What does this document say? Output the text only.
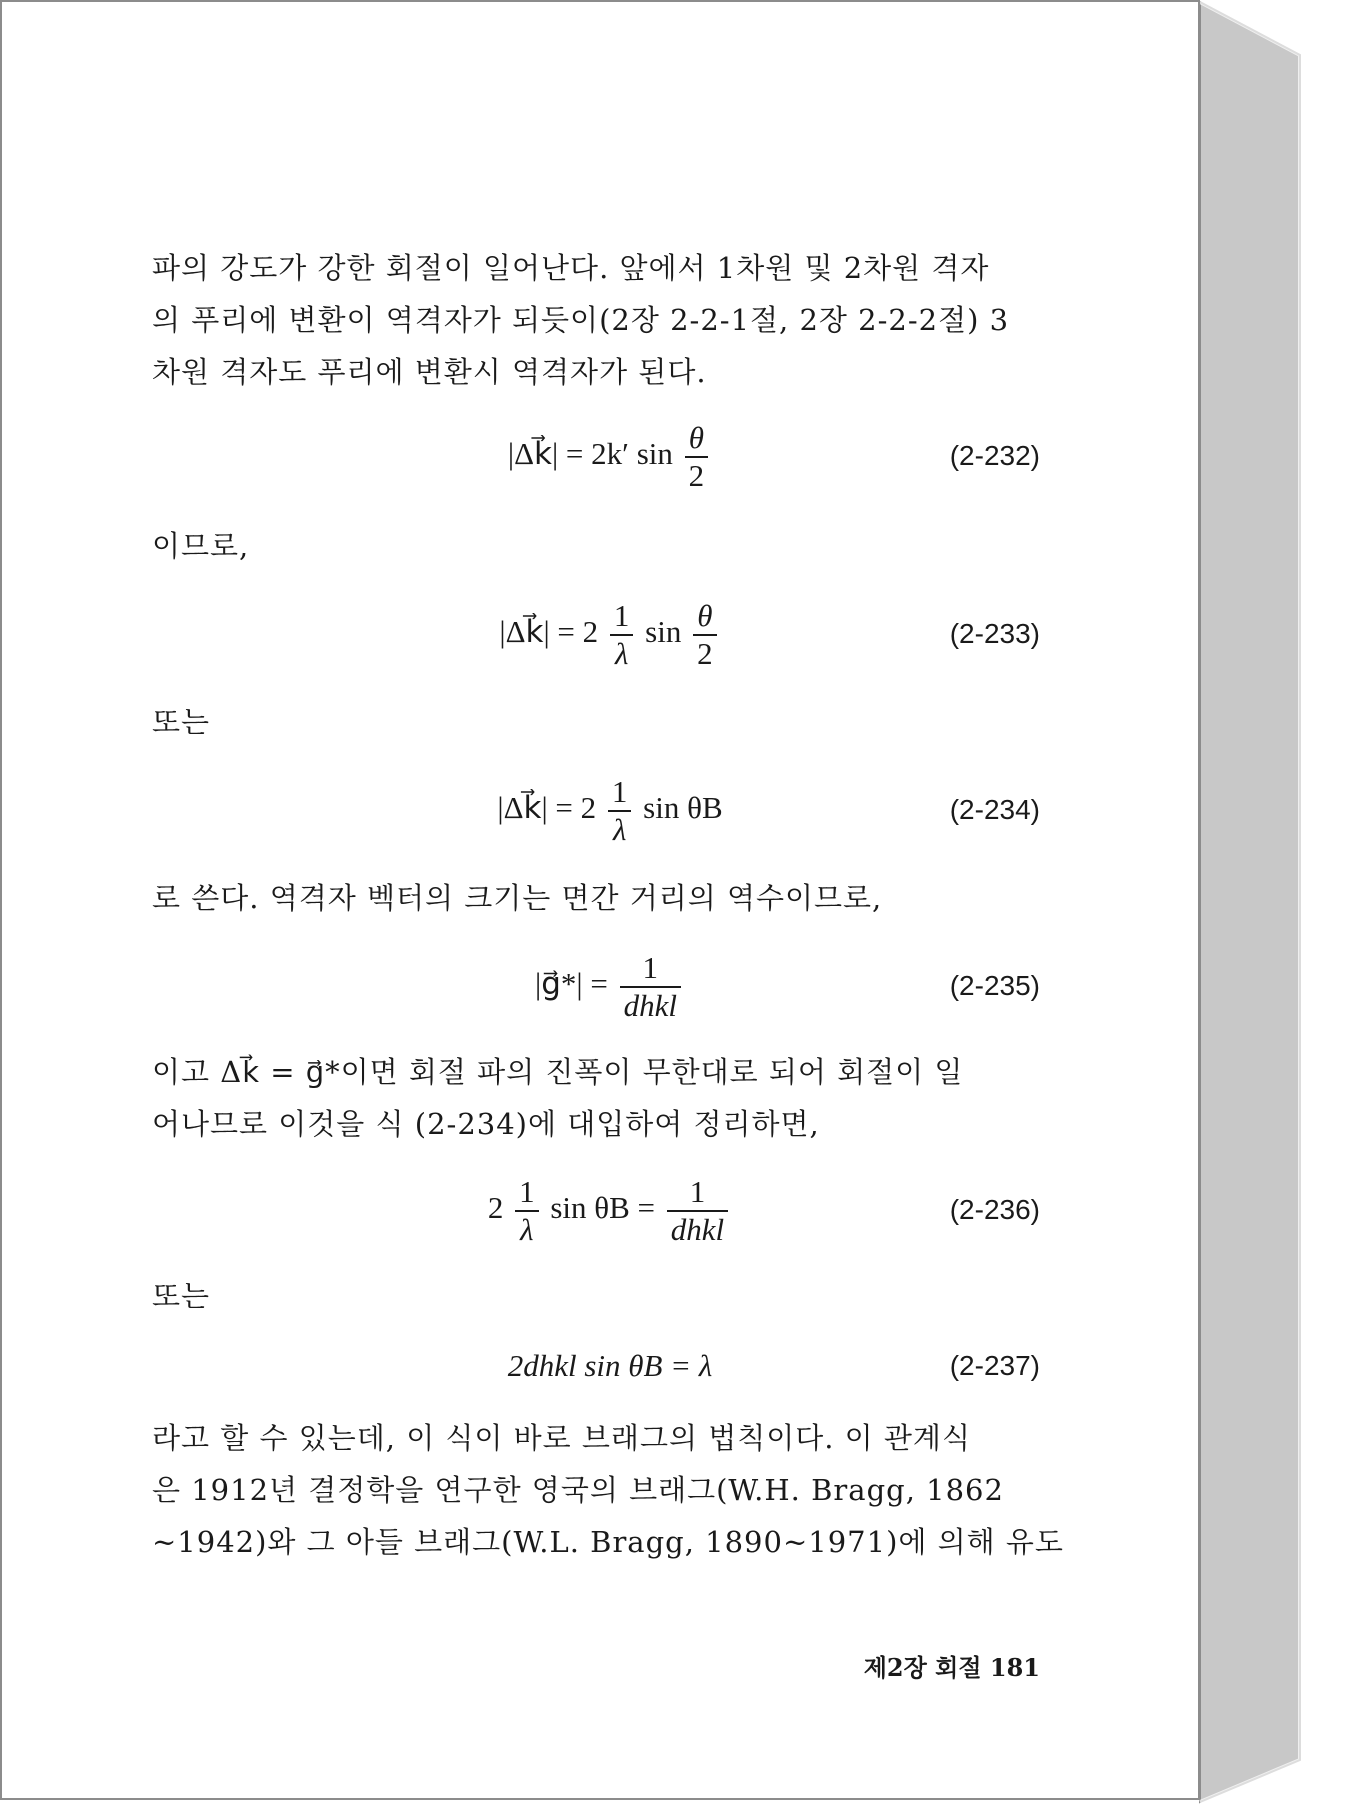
파의 강도가 강한 회절이 일어난다. 앞에서 1차원 및 2차원 격자
의 푸리에 변환이 역격자가 되듯이(2장 2-2-1절, 2장 2-2-2절) 3
차원 격자도 푸리에 변환시 역격자가 된다.
|Δk⃗| = 2k′ $\sin \frac{\theta}{2}$	(2-232)
이므로,
|Δk⃗| = $2 \frac{1}{\lambda}$ $\sin \frac{\theta}{2}$	(2-233)
또는
|Δk⃗| = $2 \frac{1}{\lambda}$ sin θB	(2-234)
로 쓴다. 역격자 벡터의 크기는 면간 거리의 역수이므로,
|g⃗*| = $\frac{1}{\text{dhkl}}$	(2-235)
이고 Δk⃗ = g⃗*이면 회절 파의 진폭이 무한대로 되어 회절이 일
어나므로 이것을 식 (2-234)에 대입하여 정리하면,
$2 \frac{1}{\lambda}$ $\sin \theta B = \frac{1}{\text{dhkl}}$	(2-236)
또는
2dhkl sin θB = λ	(2-237)
라고 할 수 있는데, 이 식이 바로 브래그의 법칙이다. 이 관계식
은 1912년 결정학을 연구한 영국의 브래그(W.H. Bragg, 1862
~1942)와 그 아들 브래그(W.L. Bragg, 1890~1971)에 의해 유도
제2장 회절 181
